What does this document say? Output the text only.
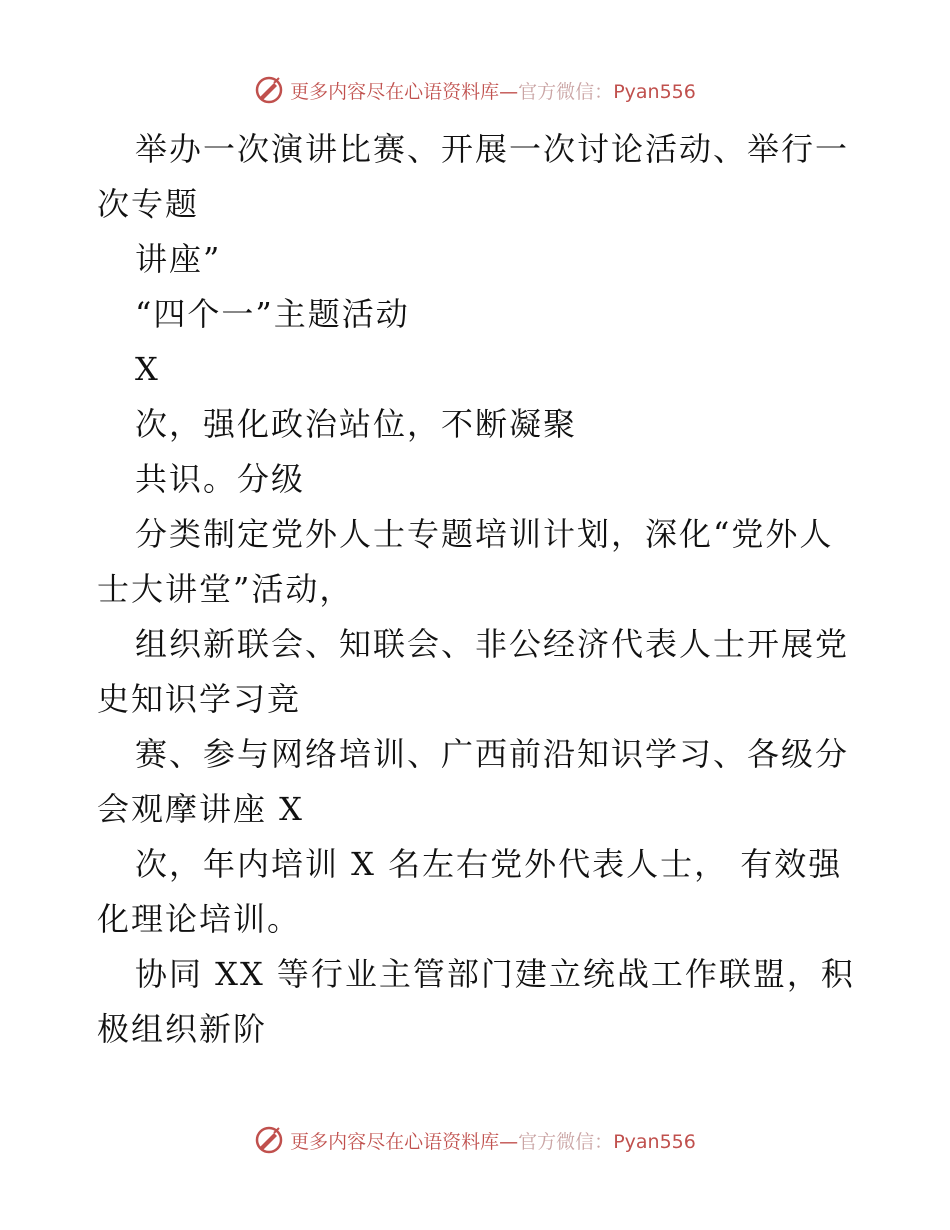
更多内容尽在心语资料库—官方微信：Pyan556
举办一次演讲比赛、开展一次讨论活动、举行一
次专题
讲座”
“四个一”主题活动
X
次，强化政治站位，不断凝聚
共识。分级
分类制定党外人士专题培训计划，深化“党外人
士大讲堂”活动，
组织新联会、知联会、非公经济代表人士开展党
史知识学习竞
赛、参与网络培训、广西前沿知识学习、各级分
会观摩讲座 X
次，年内培训 X 名左右党外代表人士， 有效强
化理论培训。
协同 XX 等行业主管部门建立统战工作联盟，积
极组织新阶
更多内容尽在心语资料库—官方微信：Pyan556
